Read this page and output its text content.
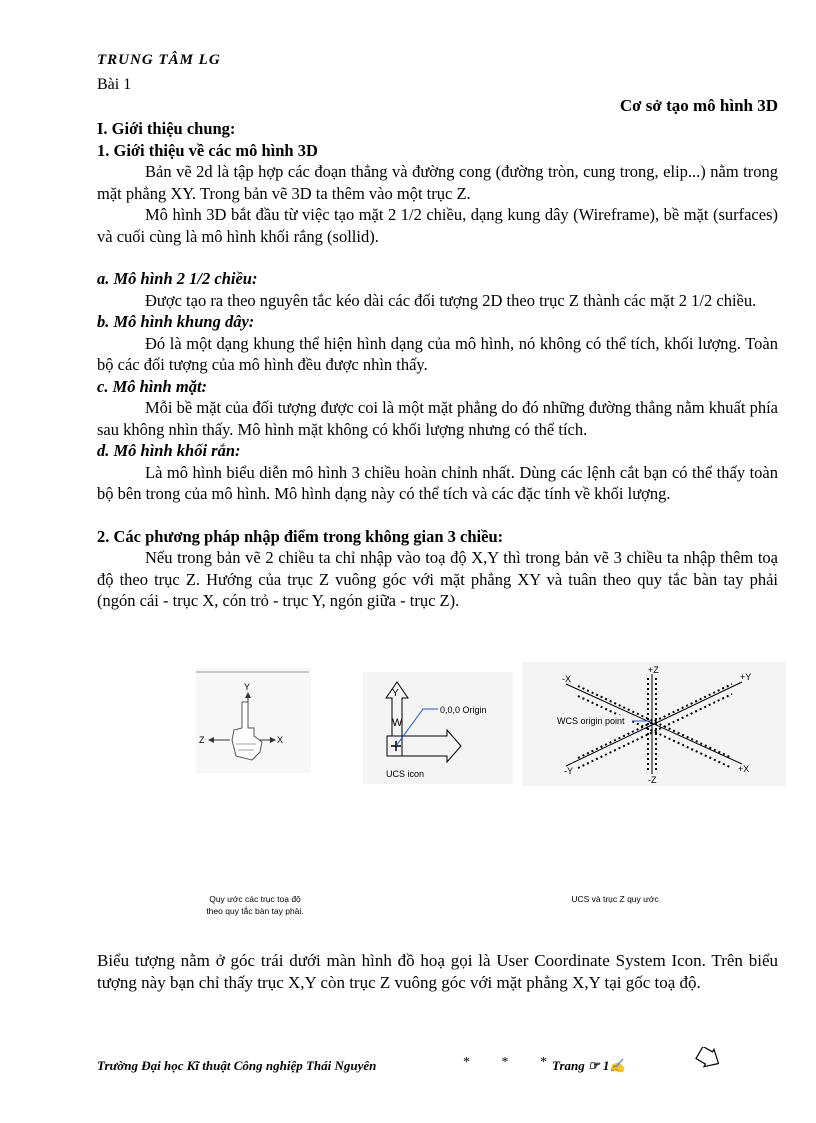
TRUNG TÂM LG
Bài 1
Cơ sở tạo mô hình 3D

I. Giới thiệu chung:

1. Giới thiệu về các mô hình 3D

Bản vẽ 2d là tập hợp các đoạn thẳng và đường cong (đường tròn, cung trong, elip...) nằm trong mặt phẳng XY. Trong bản vẽ 3D ta thêm vào một trục Z.

Mô hình 3D bắt đầu từ việc tạo mặt 2 1/2 chiều, dạng kung dây (Wireframe), bề mặt (surfaces) và cuối cùng là mô hình khối rắng (sollid).

a. Mô hình 2 1/2 chiều:

Được tạo ra theo nguyên tắc kéo dài các đối tượng 2D theo trục Z thành các mặt 2 1/2 chiều.

b. Mô hình khung dây:

Đó là một dạng khung thể hiện hình dạng của mô hình, nó không có thể tích, khối lượng. Toàn bộ các đối tượng của mô hình đều được nhìn thấy.

c. Mô hình mặt:

Mỗi bề mặt của đối tượng được coi là một mặt phẳng do đó những đường thẳng nằm khuất phía sau không nhìn thấy. Mô hình mặt không có khối lượng nhưng có thể tích.

d. Mô hình khối rắn:

Là mô hình biểu diễn mô hình 3 chiều hoàn chỉnh nhất. Dùng các lệnh cắt bạn có thể thấy toàn bộ bên trong của mô hình. Mô hình dạng này có thể tích và các đặc tính về khối lượng.

2. Các phương pháp nhập điểm trong không gian 3 chiều:

Nếu trong bản vẽ 2 chiều ta chỉ nhập vào toạ độ X,Y thì trong bản vẽ 3 chiều ta nhập thêm toạ độ theo trục Z. Hướng của trục Z vuông góc với mặt phẳng XY và tuân theo quy tắc bàn tay phải (ngón cái - trục X, cón trỏ - trục Y, ngón giữa - trục Z).

Y
X
Z
Y
W
0,0,0 Origin
UCS icon
-X
+Z
+Y
WCS origin point
-Y
-Z
+X
Quy ước các trục toạ độ
theo quy tắc bàn tay phải.
UCS và trục Z quy ước

Biểu tượng nằm ở góc trái dưới màn hình đồ hoạ gọi là User Coordinate System Icon. Trên biểu tượng này bạn chỉ thấy trục X,Y còn trục Z vuông góc với mặt phẳng X,Y tại gốc toạ độ.

Trường Đại học Kĩ thuật Công nghiệp Thái Nguyên	* * *
Trang ☞ 1✍
